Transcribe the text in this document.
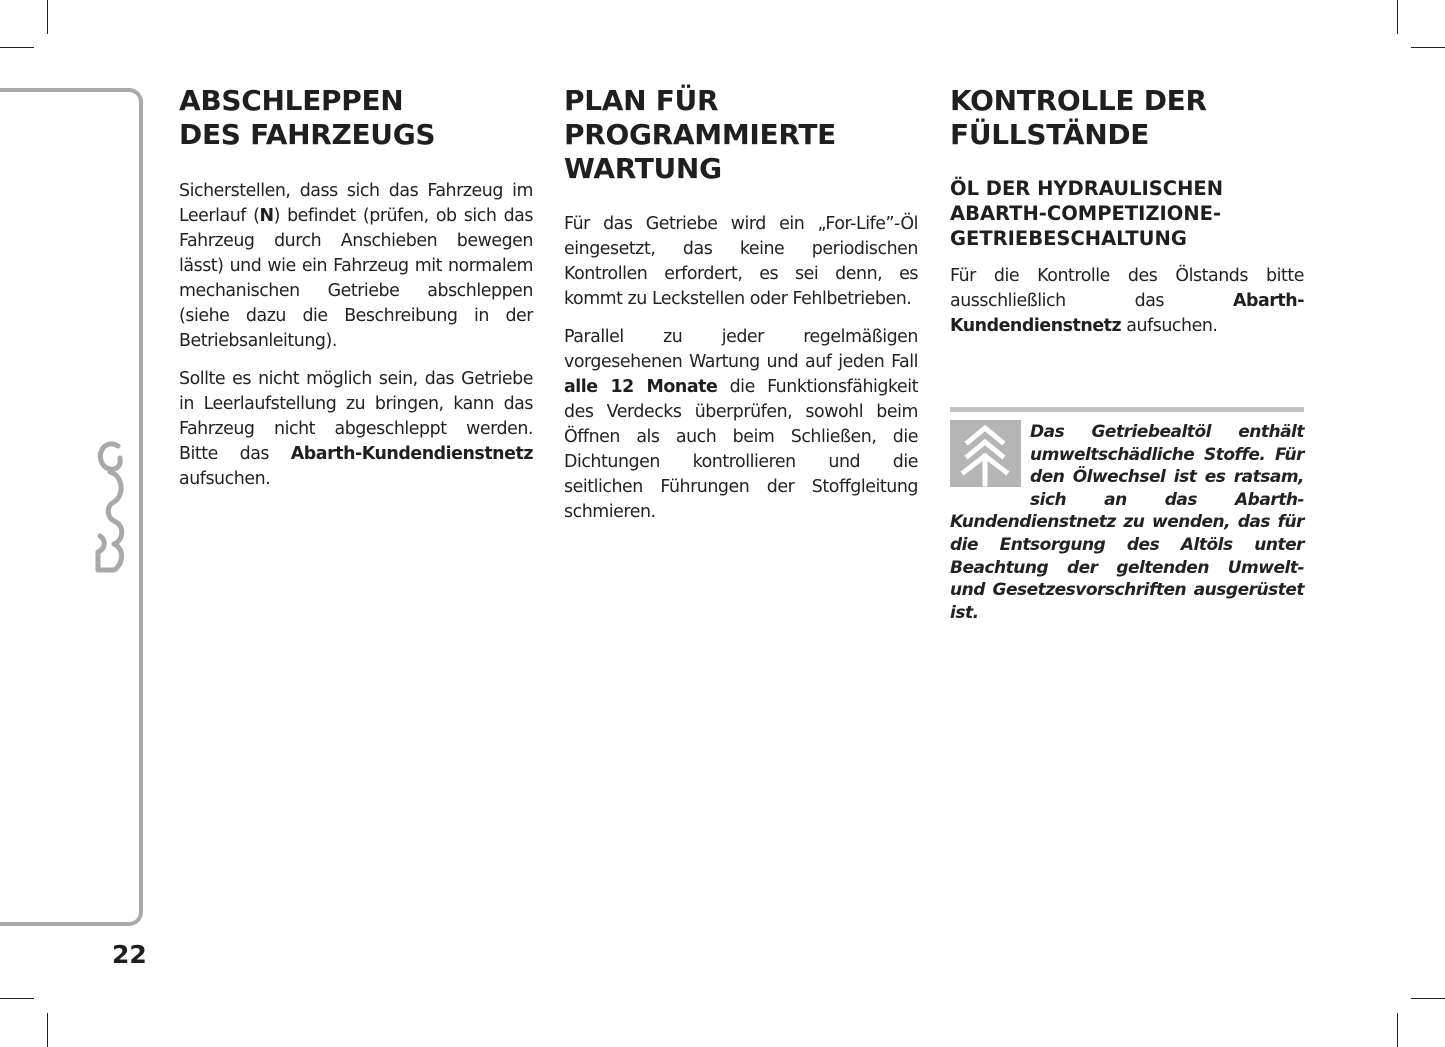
22
ABSCHLEPPEN
DES FAHRZEUGS

Sicherstellen, dass sich das Fahrzeug im Leerlauf (N) befindet (prüfen, ob sich das Fahrzeug durch Anschieben bewegen lässt) und wie ein Fahrzeug mit normalem mechanischen Getriebe abschleppen (siehe dazu die Beschreibung in der Betriebsanleitung).

Sollte es nicht möglich sein, das Getriebe in Leerlaufstellung zu bringen, kann das Fahrzeug nicht abgeschleppt werden. Bitte das Abarth-Kundendienstnetz aufsuchen.

PLAN FÜR
PROGRAMMIERTE
WARTUNG

Für das Getriebe wird ein „For-Life”-Öl eingesetzt, das keine periodischen Kontrollen erfordert, es sei denn, es kommt zu Leckstellen oder Fehlbetrieben.

Parallel zu jeder regelmäßigen vorgesehenen Wartung und auf jeden Fall alle 12 Monate die Funktionsfähigkeit des Verdecks überprüfen, sowohl beim Öffnen als auch beim Schließen, die Dichtungen kontrollieren und die seitlichen Führungen der Stoffgleitung schmieren.

KONTROLLE DER
FÜLLSTÄNDE
ÖL DER HYDRAULISCHEN
ABARTH-COMPETIZIONE-
GETRIEBESCHALTUNG

Für die Kontrolle des Ölstands bitte ausschließlich das Abarth-Kundendienstnetz aufsuchen.

Das Getriebealtöl enthält umweltschädliche Stoffe. Für den Ölwechsel ist es ratsam, sich an das Abarth-Kundendienstnetz zu wenden, das für die Entsorgung des Altöls unter Beachtung der geltenden Umwelt- und Gesetzesvorschriften ausgerüstet ist.
